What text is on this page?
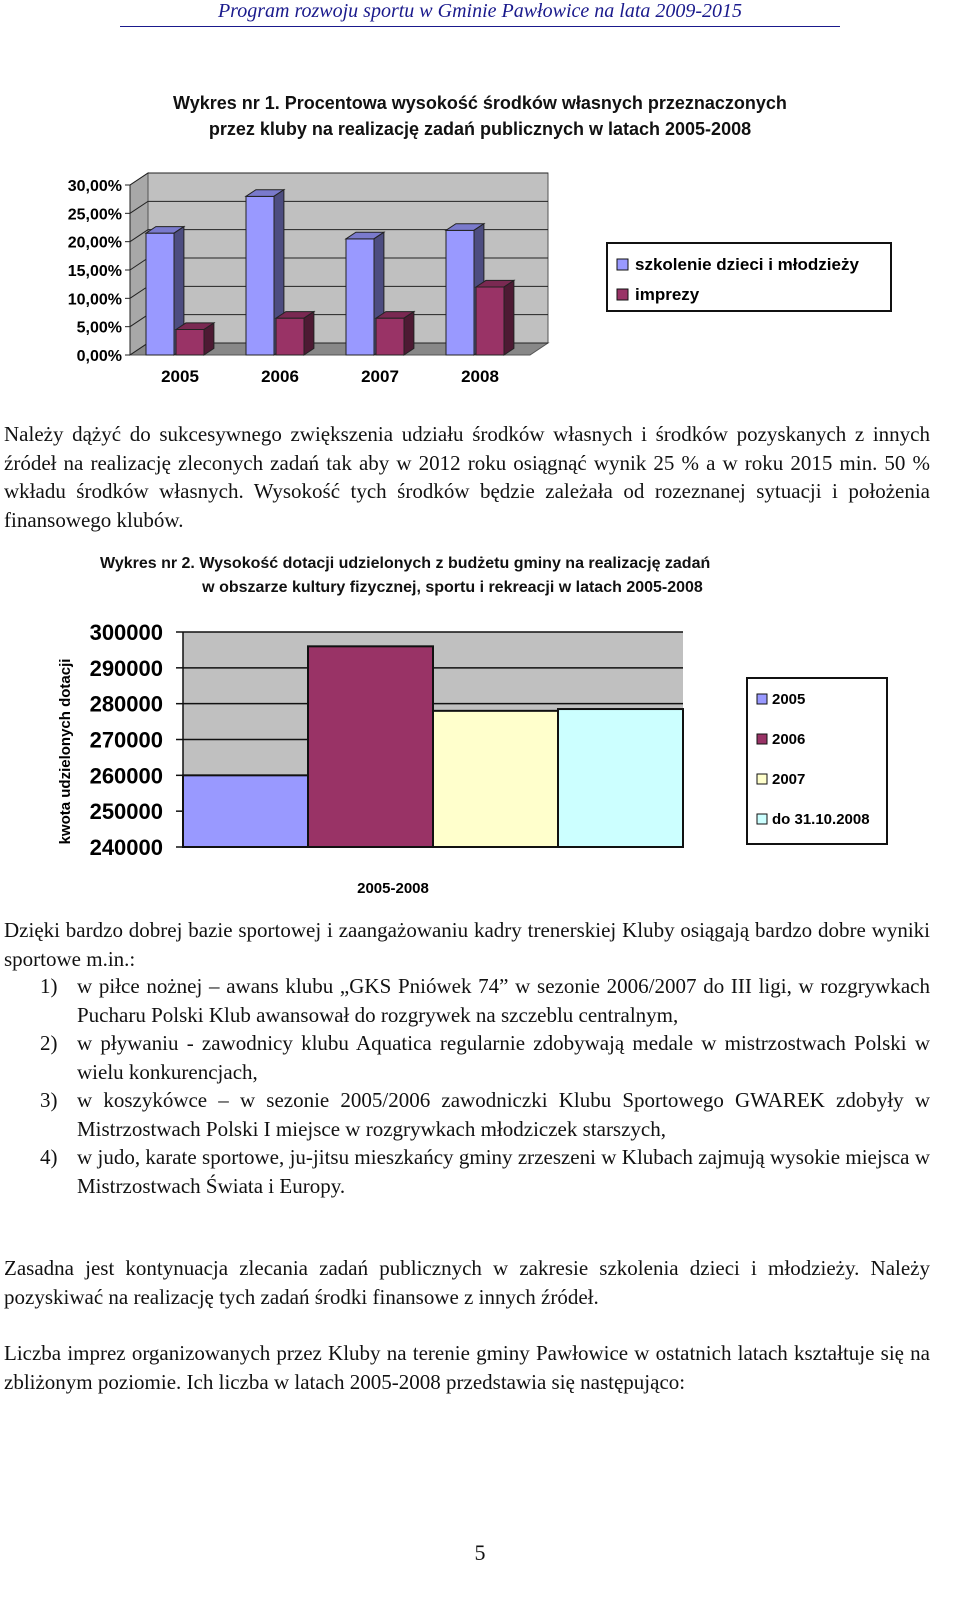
Program rozwoju sportu w Gminie Pawłowice na lata 2009-2015
Wykres nr 1. Procentowa wysokość środków własnych przeznaczonych
przez kluby na realizację zadań publicznych w latach 2005-2008
0,00%
5,00%
10,00%
15,00%
20,00%
25,00%
30,00%
2005	2006	2007	2008
szkolenie dzieci i młodzieży
imprezy
Należy dążyć do sukcesywnego zwiększenia udziału środków własnych i środków pozyskanych z innych źródeł na realizację zleconych zadań tak aby w 2012 roku osiągnąć wynik 25 % a w roku 2015 min. 50 % wkładu środków własnych. Wysokość tych środków będzie zależała od rozeznanej sytuacji i położenia finansowego klubów.
Wykres nr 2. Wysokość dotacji udzielonych z budżetu gminy na realizację zadań
w obszarze kultury fizycznej, sportu i rekreacji w latach 2005-2008
240000
250000
260000
270000
280000
290000
300000
kwota udzielonych dotacji
2005-2008
2005
2006
2007
do 31.10.2008
Dzięki bardzo dobrej bazie sportowej i zaangażowaniu kadry trenerskiej Kluby osiągają bardzo dobre wyniki sportowe m.in.:
1) w piłce nożnej – awans klubu „GKS Pniówek 74” w sezonie 2006/2007 do III ligi, w rozgrywkach Pucharu Polski Klub awansował do rozgrywek na szczeblu centralnym,
2) w pływaniu - zawodnicy klubu Aquatica regularnie zdobywają medale w mistrzostwach Polski w wielu konkurencjach,
3) w koszykówce – w sezonie 2005/2006 zawodniczki Klubu Sportowego GWAREK zdobyły w Mistrzostwach Polski I miejsce w rozgrywkach młodziczek starszych,
4) w judo, karate sportowe, ju-jitsu mieszkańcy gminy zrzeszeni w Klubach zajmują wysokie miejsca w Mistrzostwach Świata i Europy.
Zasadna jest kontynuacja zlecania zadań publicznych w zakresie szkolenia dzieci i młodzieży. Należy pozyskiwać na realizację tych zadań środki finansowe z innych źródeł.
Liczba imprez organizowanych przez Kluby na terenie gminy Pawłowice w ostatnich latach kształtuje się na zbliżonym poziomie. Ich liczba w latach 2005-2008 przedstawia się następująco:
5
